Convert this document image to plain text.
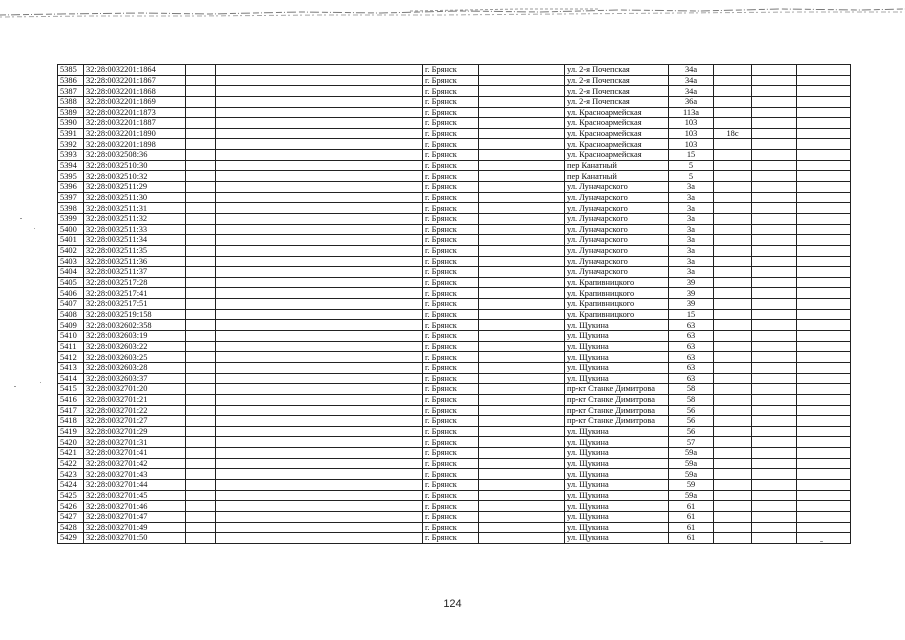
5385	32:28:0032201:1864			г. Брянск		ул. 2-я Почепская	34а			
5386	32:28:0032201:1867			г. Брянск		ул. 2-я Почепская	34а			
5387	32:28:0032201:1868			г. Брянск		ул. 2-я Почепская	34а			
5388	32:28:0032201:1869			г. Брянск		ул. 2-я Почепская	36а			
5389	32:28:0032201:1873			г. Брянск		ул. Красноармейская	113а			
5390	32:28:0032201:1887			г. Брянск		ул. Красноармейская	103			
5391	32:28:0032201:1890			г. Брянск		ул. Красноармейская	103	18с		
5392	32:28:0032201:1898			г. Брянск		ул. Красноармейская	103			
5393	32:28:0032508:36			г. Брянск		ул. Красноармейская	15			
5394	32:28:0032510:30			г. Брянск		пер Канатный	5			
5395	32:28:0032510:32			г. Брянск		пер Канатный	5			
5396	32:28:0032511:29			г. Брянск		ул. Луначарского	3а			
5397	32:28:0032511:30			г. Брянск		ул. Луначарского	3а			
5398	32:28:0032511:31			г. Брянск		ул. Луначарского	3а			
5399	32:28:0032511:32			г. Брянск		ул. Луначарского	3а			
5400	32:28:0032511:33			г. Брянск		ул. Луначарского	3а			
5401	32:28:0032511:34			г. Брянск		ул. Луначарского	3а			
5402	32:28:0032511:35			г. Брянск		ул. Луначарского	3а			
5403	32:28:0032511:36			г. Брянск		ул. Луначарского	3а			
5404	32:28:0032511:37			г. Брянск		ул. Луначарского	3а			
5405	32:28:0032517:28			г. Брянск		ул. Крапивницкого	39			
5406	32:28:0032517:41			г. Брянск		ул. Крапивницкого	39			
5407	32:28:0032517:51			г. Брянск		ул. Крапивницкого	39			
5408	32:28:0032519:158			г. Брянск		ул. Крапивницкого	15			
5409	32:28:0032602:358			г. Брянск		ул. Щукина	63			
5410	32:28:0032603:19			г. Брянск		ул. Щукина	63			
5411	32:28:0032603:22			г. Брянск		ул. Щукина	63			
5412	32:28:0032603:25			г. Брянск		ул. Щукина	63			
5413	32:28:0032603:28			г. Брянск		ул. Щукина	63			
5414	32:28:0032603:37			г. Брянск		ул. Щукина	63			
5415	32:28:0032701:20			г. Брянск		пр-кт Станке Димитрова	58			
5416	32:28:0032701:21			г. Брянск		пр-кт Станке Димитрова	58			
5417	32:28:0032701:22			г. Брянск		пр-кт Станке Димитрова	56			
5418	32:28:0032701:27			г. Брянск		пр-кт Станке Димитрова	56			
5419	32:28:0032701:29			г. Брянск		ул. Щукина	56			
5420	32:28:0032701:31			г. Брянск		ул. Щукина	57			
5421	32:28:0032701:41			г. Брянск		ул. Щукина	59а			
5422	32:28:0032701:42			г. Брянск		ул. Щукина	59а			
5423	32:28:0032701:43			г. Брянск		ул. Щукина	59а			
5424	32:28:0032701:44			г. Брянск		ул. Щукина	59			
5425	32:28:0032701:45			г. Брянск		ул. Щукина	59а			
5426	32:28:0032701:46			г. Брянск		ул. Щукина	61			
5427	32:28:0032701:47			г. Брянск		ул. Щукина	61			
5428	32:28:0032701:49			г. Брянск		ул. Щукина	61			
5429	32:28:0032701:50			г. Брянск		ул. Щукина	61			
124
